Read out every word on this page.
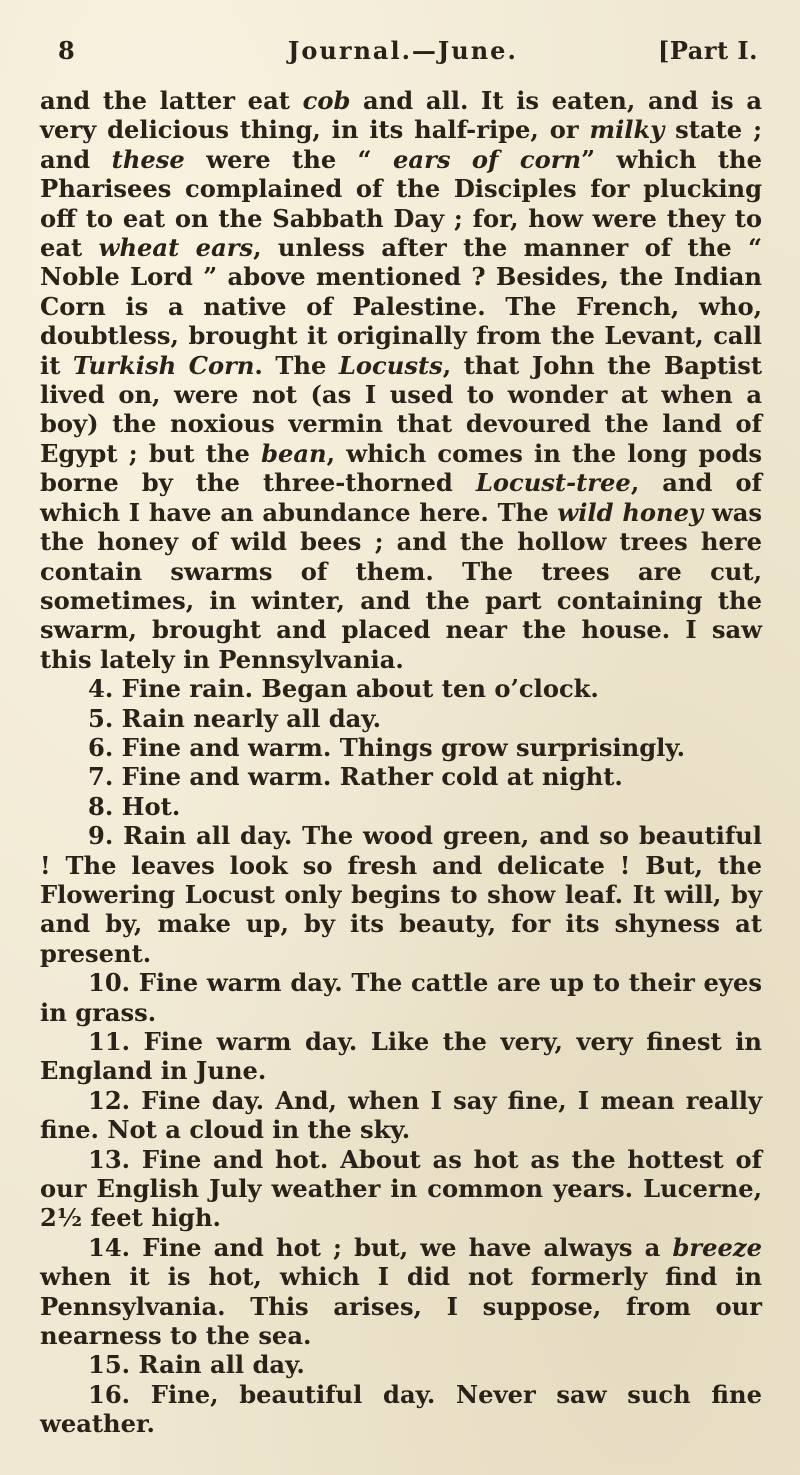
8	Journal.—June.	[Part I.

and the latter eat cob and all. It is eaten, and is a very delicious thing, in its half-ripe, or milky state ; and these were the “ ears of corn” which the Pharisees complained of the Disciples for plucking off to eat on the Sabbath Day ; for, how were they to eat wheat ears, unless after the manner of the “ Noble Lord ” above mentioned ? Besides, the Indian Corn is a native of Palestine. The French, who, doubtless, brought it originally from the Levant, call it Turkish Corn. The Locusts, that John the Baptist lived on, were not (as I used to wonder at when a boy) the noxious vermin that devoured the land of Egypt ; but the bean, which comes in the long pods borne by the three-thorned Locust-tree, and of which I have an abundance here. The wild honey was the honey of wild bees ; and the hollow trees here contain swarms of them. The trees are cut, sometimes, in winter, and the part containing the swarm, brought and placed near the house. I saw this lately in Pennsylvania.

4. Fine rain. Began about ten o’clock.

5. Rain nearly all day.

6. Fine and warm. Things grow surprisingly.

7. Fine and warm. Rather cold at night.

8. Hot.

9. Rain all day. The wood green, and so beautiful ! The leaves look so fresh and delicate ! But, the Flowering Locust only begins to show leaf. It will, by and by, make up, by its beauty, for its shyness at present.

10. Fine warm day. The cattle are up to their eyes in grass.

11. Fine warm day. Like the very, very finest in England in June.

12. Fine day. And, when I say fine, I mean really fine. Not a cloud in the sky.

13. Fine and hot. About as hot as the hottest of our English July weather in common years. Lucerne, 2½ feet high.

14. Fine and hot ; but, we have always a breeze when it is hot, which I did not formerly find in Pennsylvania. This arises, I suppose, from our nearness to the sea.

15. Rain all day.

16. Fine, beautiful day. Never saw such fine weather.
